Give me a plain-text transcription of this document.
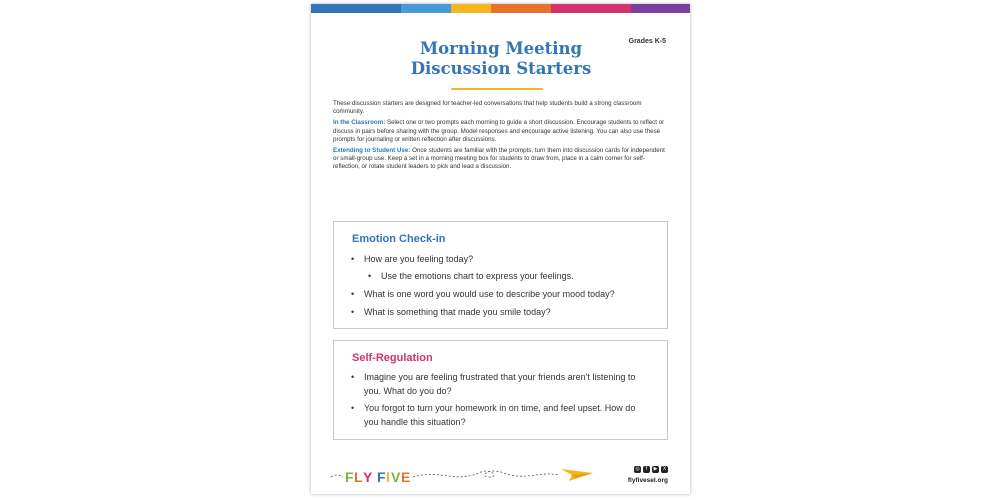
Grades K-5
Morning Meeting
Discussion Starters

These discussion starters are designed for teacher-led conversations that help students build a strong classroom community.

In the Classroom: Select one or two prompts each morning to guide a short discussion. Encourage students to reflect or discuss in pairs before sharing with the group. Model responses and encourage active listening. You can also use these prompts for journaling or written reflection after discussions.

Extending to Student Use: Once students are familiar with the prompts, turn them into discussion cards for independent or small-group use. Keep a set in a morning meeting box for students to draw from, place in a calm corner for self-reflection, or rotate student leaders to pick and lead a discussion.

Emotion Check-in
• How are you feeling today?
• Use the emotions chart to express your feelings.
• What is one word you would use to describe your mood today?
• What is something that made you smile today?
Self-Regulation
• Imagine you are feeling frustrated that your friends aren't listening to
you. What do you do?
• You forgot to turn your homework in on time, and feel upset. How do
you handle this situation?
F L Y F I V E	◎	f	▶	X
flyfivesel.org
